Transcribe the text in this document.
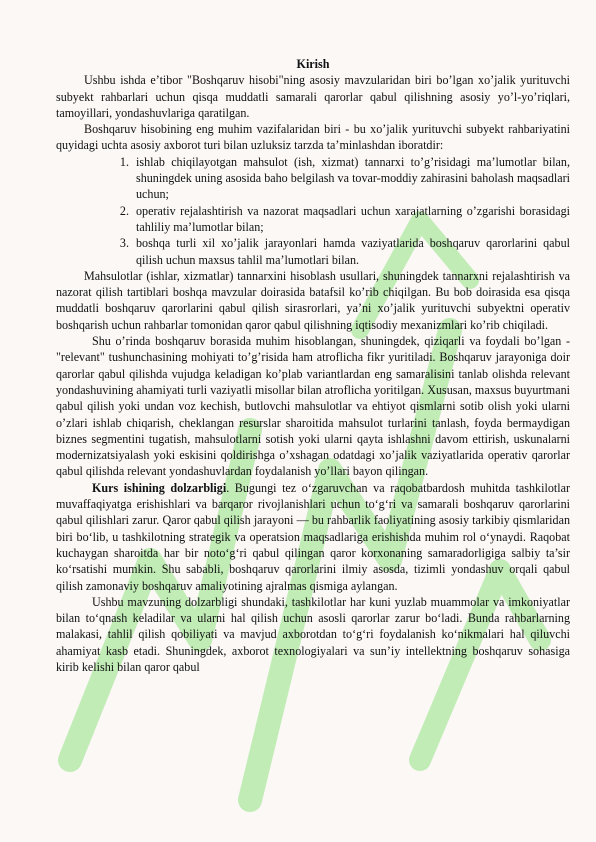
Kirish

Ushbu ishda e’tibor "Boshqaruv hisobi"ning asosiy mavzularidan biri bo’lgan xo’jalik yurituvchi subyekt rahbarlari uchun qisqa muddatli samarali qarorlar qabul qilishning asosiy yo’l-yo’riqlari, tamoyillari, yondashuvlariga qaratilgan.

Boshqaruv hisobining eng muhim vazifalaridan biri - bu xo’jalik yurituvchi subyekt rahbariyatini quyidagi uchta asosiy axborot turi bilan uzluksiz tarzda ta’minlashdan iboratdir:

1. ishlab chiqilayotgan mahsulot (ish, xizmat) tannarxi to’g’risidagi ma’lumotlar bilan, shuningdek uning asosida baho belgilash va tovar-moddiy zahirasini baholash maqsadlari uchun;
2. operativ rejalashtirish va nazorat maqsadlari uchun xarajatlarning o’zgarishi borasidagi tahliliy ma’lumotlar bilan;
3. boshqa turli xil xo’jalik jarayonlari hamda vaziyatlarida boshqaruv qarorlarini qabul qilish uchun maxsus tahlil ma’lumotlari bilan.

Mahsulotlar (ishlar, xizmatlar) tannarxini hisoblash usullari, shuningdek tannarxni rejalashtirish va nazorat qilish tartiblari boshqa mavzular doirasida batafsil ko’rib chiqilgan. Bu bob doirasida esa qisqa muddatli boshqaruv qarorlarini qabul qilish sirasrorlari, ya’ni xo’jalik yurituvchi subyektni operativ boshqarish uchun rahbarlar tomonidan qaror qabul qilishning iqtisodiy mexanizmlari ko’rib chiqiladi.

Shu o’rinda boshqaruv borasida muhim hisoblangan, shuningdek, qiziqarli va foydali bo’lgan - "relevant" tushunchasining mohiyati to’g’risida ham atroflicha fikr yuritiladi. Boshqaruv jarayoniga doir qarorlar qabul qilishda vujudga keladigan ko’plab variantlardan eng samaralisini tanlab olishda relevant yondashuvining ahamiyati turli vaziyatli misollar bilan atroflicha yoritilgan. Xususan, maxsus buyurtmani qabul qilish yoki undan voz kechish, butlovchi mahsulotlar va ehtiyot qismlarni sotib olish yoki ularni o’zlari ishlab chiqarish, cheklangan resurslar sharoitida mahsulot turlarini tanlash, foyda bermaydigan biznes segmentini tugatish, mahsulotlarni sotish yoki ularni qayta ishlashni davom ettirish, uskunalarni modernizatsiyalash yoki eskisini qoldirishga o’xshagan odatdagi xo’jalik vaziyatlarida operativ qarorlar qabul qilishda relevant yondashuvlardan foydalanish yo’llari bayon qilingan.

Kurs ishining dolzarbligi. Bugungi tez o‘zgaruvchan va raqobatbardosh muhitda tashkilotlar muvaffaqiyatga erishishlari va barqaror rivojlanishlari uchun to‘g‘ri va samarali boshqaruv qarorlarini qabul qilishlari zarur. Qaror qabul qilish jarayoni — bu rahbarlik faoliyatining asosiy tarkibiy qismlaridan biri bo‘lib, u tashkilotning strategik va operatsion maqsadlariga erishishda muhim rol o‘ynaydi. Raqobat kuchaygan sharoitda har bir noto‘g‘ri qabul qilingan qaror korxonaning samaradorligiga salbiy ta’sir ko‘rsatishi mumkin. Shu sababli, boshqaruv qarorlarini ilmiy asosda, tizimli yondashuv orqali qabul qilish zamonaviy boshqaruv amaliyotining ajralmas qismiga aylangan.

Ushbu mavzuning dolzarbligi shundaki, tashkilotlar har kuni yuzlab muammolar va imkoniyatlar bilan to‘qnash keladilar va ularni hal qilish uchun asosli qarorlar zarur bo‘ladi. Bunda rahbarlarning malakasi, tahlil qilish qobiliyati va mavjud axborotdan to‘g‘ri foydalanish ko‘nikmalari hal qiluvchi ahamiyat kasb etadi. Shuningdek, axborot texnologiyalari va sun’iy intellektning boshqaruv sohasiga kirib kelishi bilan qaror qabul
